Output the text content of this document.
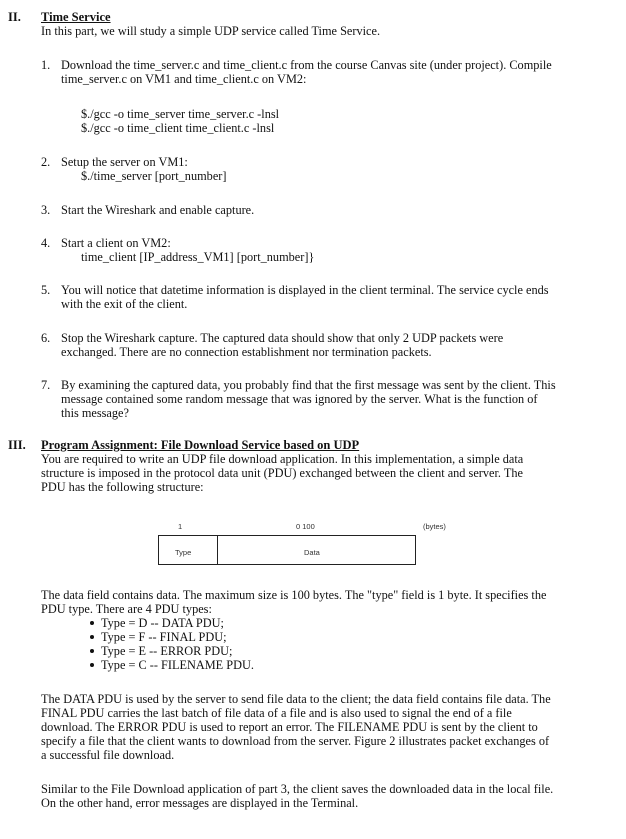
II. Time Service
In this part, we will study a simple UDP service called Time Service.
1. Download the time_server.c and time_client.c from the course Canvas site (under project). Compile
time_server.c on VM1 and time_client.c on VM2:
$./gcc -o time_server time_server.c -lnsl
$./gcc -o time_client time_client.c -lnsl
2. Setup the server on VM1:
$./time_server [port_number]
3. Start the Wireshark and enable capture.
4. Start a client on VM2:
time_client [IP_address_VM1] [port_number]}
5. You will notice that datetime information is displayed in the client terminal. The service cycle ends
with the exit of the client.
6. Stop the Wireshark capture. The captured data should show that only 2 UDP packets were
exchanged. There are no connection establishment nor termination packets.
7. By examining the captured data, you probably find that the first message was sent by the client. This
message contained some random message that was ignored by the server. What is the function of
this message?
III. Program Assignment: File Download Service based on UDP
You are required to write an UDP file download application. In this implementation, a simple data
structure is imposed in the protocol data unit (PDU) exchanged between the client and server. The
PDU has the following structure:
1	0 100	(bytes)
Type	Data
The data field contains data. The maximum size is 100 bytes. The "type" field is 1 byte. It specifies the
PDU type. There are 4 PDU types:
Type = D -- DATA PDU;
Type = F -- FINAL PDU;
Type = E -- ERROR PDU;
Type = C -- FILENAME PDU.
The DATA PDU is used by the server to send file data to the client; the data field contains file data. The
FINAL PDU carries the last batch of file data of a file and is also used to signal the end of a file
download. The ERROR PDU is used to report an error. The FILENAME PDU is sent by the client to
specify a file that the client wants to download from the server. Figure 2 illustrates packet exchanges of
a successful file download.
Similar to the File Download application of part 3, the client saves the downloaded data in the local file.
On the other hand, error messages are displayed in the Terminal.
